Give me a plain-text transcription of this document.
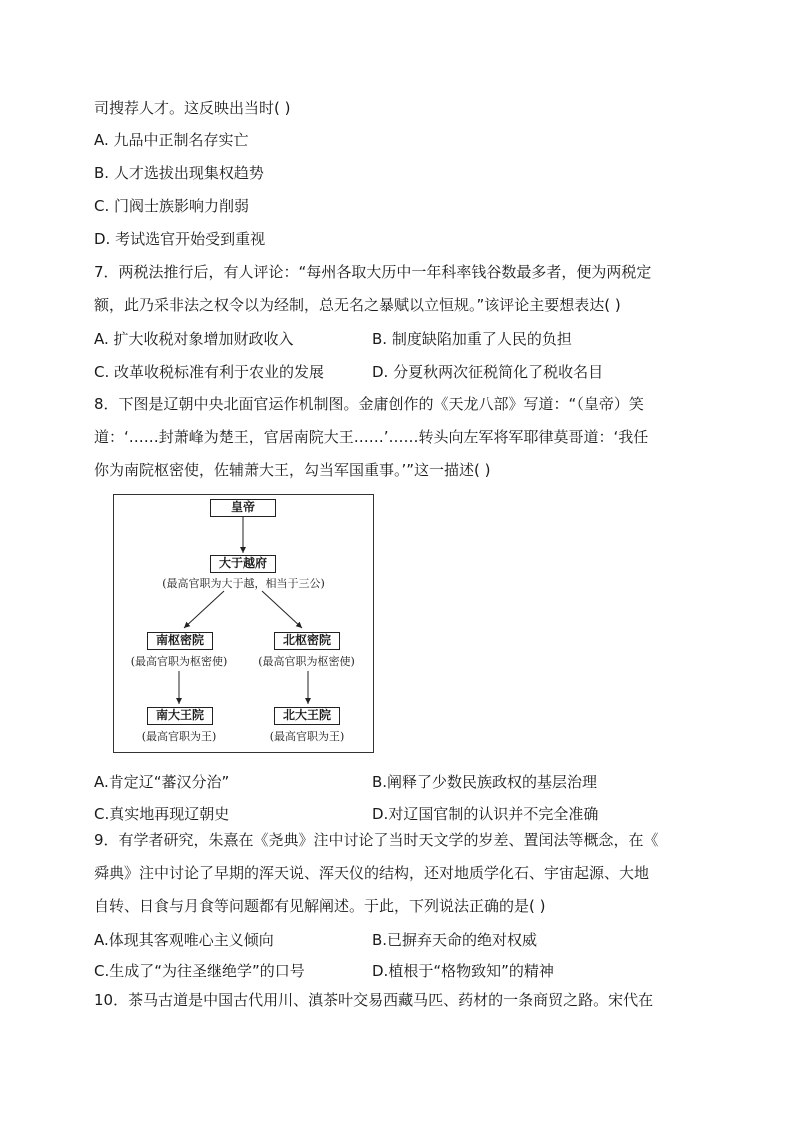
司搜荐人才。这反映出当时( )
A. 九品中正制名存实亡
B. 人才选拔出现集权趋势
C. 门阀士族影响力削弱
D. 考试选官开始受到重视
7．两税法推行后，有人评论：“每州各取大历中一年科率钱谷数最多者，便为两税定
额，此乃采非法之权令以为经制，总无名之暴赋以立恒规。”该评论主要想表达( )
A. 扩大收税对象增加财政收入	B. 制度缺陷加重了人民的负担
C. 改革收税标准有利于农业的发展	D. 分夏秋两次征税简化了税收名目
8．下图是辽朝中央北面官运作机制图。金庸创作的《天龙八部》写道：“（皇帝）笑
道：‘……封萧峰为楚王，官居南院大王……’……转头向左军将军耶律莫哥道：‘我任
你为南院枢密使，佐辅萧大王，勾当军国重事。’”这一描述( )
皇帝
大于越府
(最高官职为大于越，相当于三公)
南枢密院
(最高官职为枢密使)
北枢密院
(最高官职为枢密使)
南大王院
(最高官职为王)
北大王院
(最高官职为王)
A.肯定辽“蕃汉分治”	B.阐释了少数民族政权的基层治理
C.真实地再现辽朝史	D.对辽国官制的认识并不完全准确
9．有学者研究，朱熹在《尧典》注中讨论了当时天文学的岁差、置闰法等概念，在《
舜典》注中讨论了早期的浑天说、浑天仪的结构，还对地质学化石、宇宙起源、大地
自转、日食与月食等问题都有见解阐述。于此，下列说法正确的是( )
A.体现其客观唯心主义倾向	B.已摒弃天命的绝对权威
C.生成了“为往圣继绝学”的口号	D.植根于“格物致知”的精神
10．茶马古道是中国古代用川、滇茶叶交易西藏马匹、药材的一条商贸之路。宋代在
